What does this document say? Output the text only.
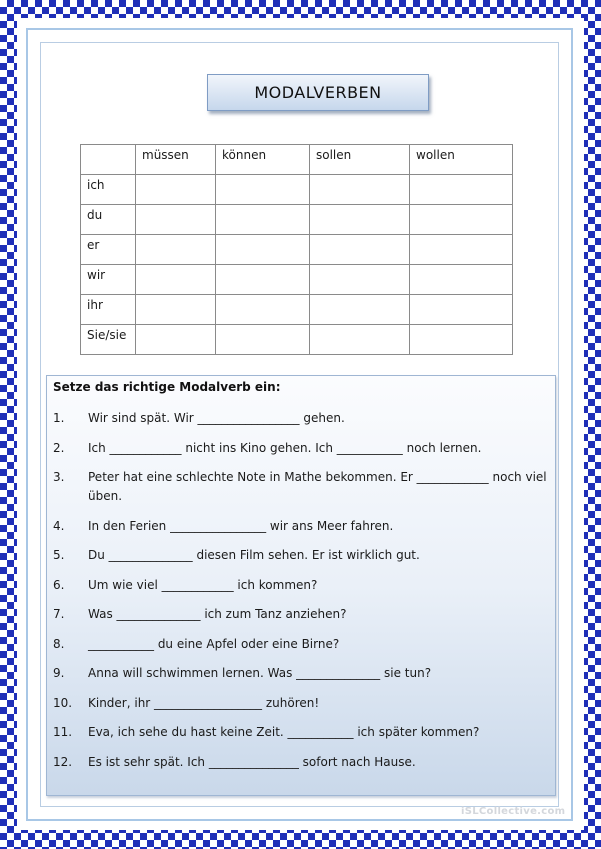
MODALVERBEN

	müssen	können	sollen	wollen

ich				

du				

er				

wir				

ihr				

Sie/sie				

Setze das richtige Modalverb ein:
1.	Wir sind spät. Wir _________________ gehen.
2.	Ich ____________ nicht ins Kino gehen. Ich ___________ noch lernen.
3.	Peter hat eine schlechte Note in Mathe bekommen. Er ____________ noch viel üben.
4.	In den Ferien ________________ wir ans Meer fahren.
5.	Du ______________ diesen Film sehen. Er ist wirklich gut.
6.	Um wie viel ____________ ich kommen?
7.	Was ______________ ich zum Tanz anziehen?
8.	___________ du eine Apfel oder eine Birne?
9.	Anna will schwimmen lernen. Was ______________ sie tun?
10.	Kinder, ihr __________________ zuhören!
11.	Eva, ich sehe du hast keine Zeit. ___________ ich später kommen?
12.	Es ist sehr spät. Ich _______________ sofort nach Hause.
iSLCollective.com
